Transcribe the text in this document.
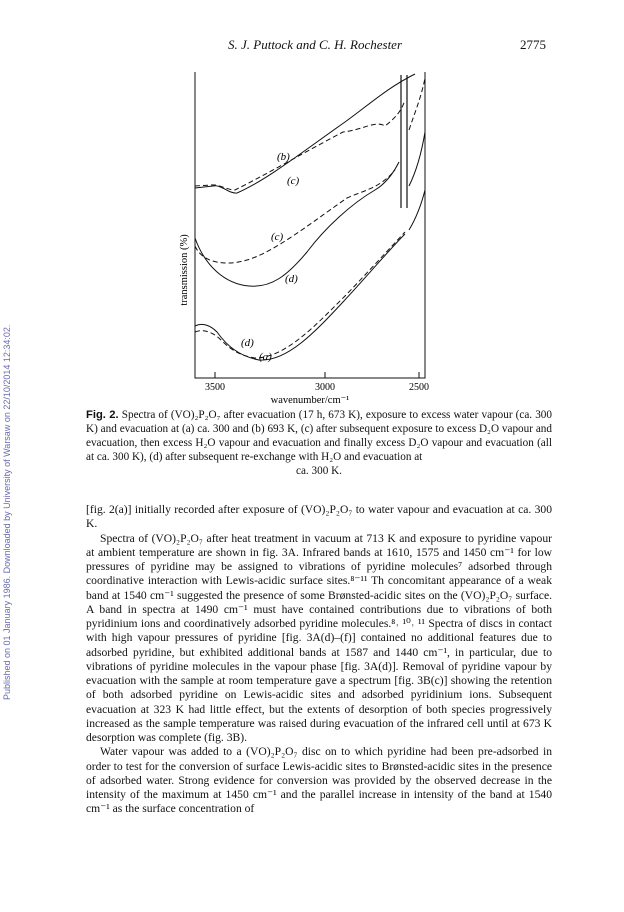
Published on 01 January 1986. Downloaded by University of Warsaw on 22/10/2014 12:34:02.
S. J. Puttock and C. H. Rochester	2775
(b)
(c)
(c)
(d)
(d)
(a)
transmission (%)
3500	3000	2500
wavenumber/cm⁻¹
Fig. 2. Spectra of (VO)₂P₂O₇ after evacuation (17 h, 673 K), exposure to excess water vapour (ca. 300 K) and evacuation at (a) ca. 300 and (b) 693 K, (c) after subsequent exposure to excess D₂O vapour and evacuation, then excess H₂O vapour and evacuation and finally excess D₂O vapour and evacuation (all at ca. 300 K), (d) after subsequent re-exchange with H₂O and evacuation at
ca. 300 K.

[fig. 2(a)] initially recorded after exposure of (VO)₂P₂O₇ to water vapour and evacuation at ca. 300 K.

Spectra of (VO)₂P₂O₇ after heat treatment in vacuum at 713 K and exposure to pyridine vapour at ambient temperature are shown in fig. 3A. Infrared bands at 1610, 1575 and 1450 cm⁻¹ for low pressures of pyridine may be assigned to vibrations of pyridine molecules⁷ adsorbed through coordinative interaction with Lewis-acidic surface sites.⁸⁻¹¹ Th concomitant appearance of a weak band at 1540 cm⁻¹ suggested the presence of some Brønsted-acidic sites on the (VO)₂P₂O₇ surface. A band in spectra at 1490 cm⁻¹ must have contained contributions due to vibrations of both pyridinium ions and coordinatively adsorbed pyridine molecules.⁸˒ ¹⁰˒ ¹¹ Spectra of discs in contact with high vapour pressures of pyridine [fig. 3A(d)–(f)] contained no additional features due to adsorbed pyridine, but exhibited additional bands at 1587 and 1440 cm⁻¹, in particular, due to vibrations of pyridine molecules in the vapour phase [fig. 3A(d)]. Removal of pyridine vapour by evacuation with the sample at room temperature gave a spectrum [fig. 3B(c)] showing the retention of both adsorbed pyridine on Lewis-acidic sites and adsorbed pyridinium ions. Subsequent evacuation at 323 K had little effect, but the extents of desorption of both species progressively increased as the sample temperature was raised during evacuation of the infrared cell until at 673 K desorption was complete (fig. 3B).

Water vapour was added to a (VO)₂P₂O₇ disc on to which pyridine had been pre-adsorbed in order to test for the conversion of surface Lewis-acidic sites to Brønsted-acidic sites in the presence of adsorbed water. Strong evidence for conversion was provided by the observed decrease in the intensity of the maximum at 1450 cm⁻¹ and the parallel increase in intensity of the band at 1540 cm⁻¹ as the surface concentration of
